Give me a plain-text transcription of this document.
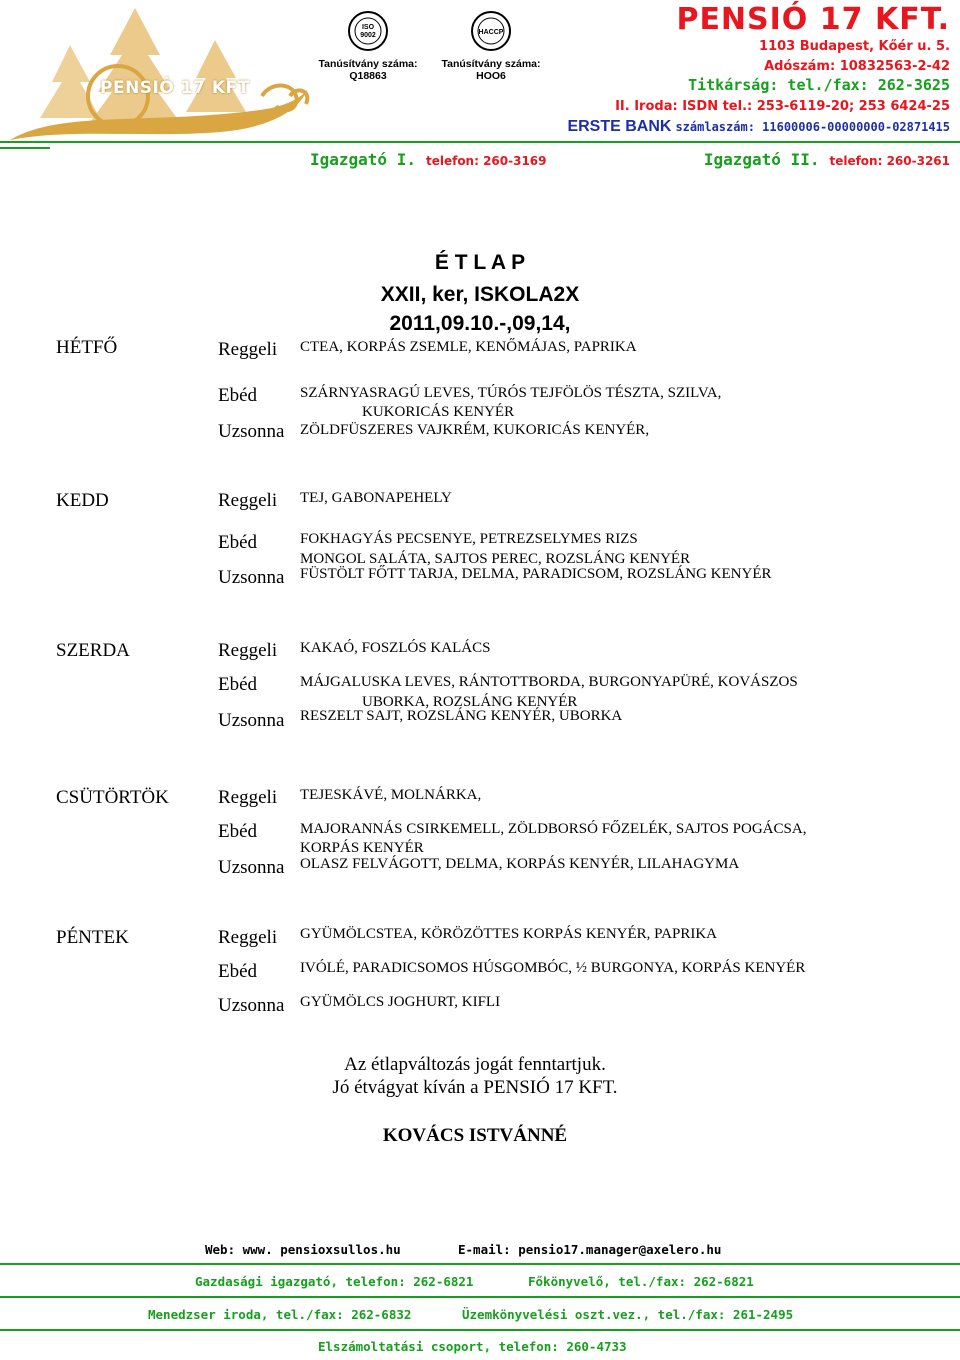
PENSIÓ 17 KFT
ISO
9002
Tanúsítvány száma:
Q18863
HACCP
Tanúsítvány száma:
HOO6
PENSIÓ 17 KFT.
1103 Budapest, Kőér u. 5.
Adószám: 10832563-2-42
Titkárság: tel./fax: 262-3625
II. Iroda: ISDN tel.: 253-6119-20; 253 6424-25
ERSTE BANK számlaszám: 11600006-00000000-02871415
Igazgató I. telefon: 260-3169	Igazgató II. telefon: 260-3261
É T L A P
XXII, ker, ISKOLA2X
2011,09.10.-,09,14,
HÉTFŐ	Reggeli CTEA, KORPÁS ZSEMLE, KENŐMÁJAS, PAPRIKA
Ebéd	SZÁRNYASRAGÚ LEVES, TÚRÓS TEJFÖLÖS TÉSZTA, SZILVA,
KUKORICÁS KENYÉR
Uzsonna ZÖLDFÜSZERES VAJKRÉM, KUKORICÁS KENYÉR,
KEDD	Reggeli TEJ, GABONAPEHELY
Ebéd	FOKHAGYÁS PECSENYE, PETREZSELYMES RIZS
MONGOL SALÁTA, SAJTOS PEREC, ROZSLÁNG KENYÉR
Uzsonna FÜSTÖLT FŐTT TARJA, DELMA, PARADICSOM, ROZSLÁNG KENYÉR
SZERDA	Reggeli KAKAÓ, FOSZLÓS KALÁCS
Ebéd	MÁJGALUSKA LEVES, RÁNTOTTBORDA, BURGONYAPÜRÉ, KOVÁSZOS
UBORKA, ROZSLÁNG KENYÉR
Uzsonna RESZELT SAJT, ROZSLÁNG KENYÉR, UBORKA
CSÜTÖRTÖK	Reggeli TEJESKÁVÉ, MOLNÁRKA,
Ebéd	MAJORANNÁS CSIRKEMELL, ZÖLDBORSÓ FŐZELÉK, SAJTOS POGÁCSA,
KORPÁS KENYÉR
Uzsonna OLASZ FELVÁGOTT, DELMA, KORPÁS KENYÉR, LILAHAGYMA
PÉNTEK	Reggeli GYÜMÖLCSTEA, KÖRÖZÖTTES KORPÁS KENYÉR, PAPRIKA
Ebéd	IVÓLÉ, PARADICSOMOS HÚSGOMBÓC, ½ BURGONYA, KORPÁS KENYÉR
Uzsonna GYÜMÖLCS JOGHURT, KIFLI
Az étlapváltozás jogát fenntartjuk.
Jó étvágyat kíván a PENSIÓ 17 KFT.
KOVÁCS ISTVÁNNÉ
Web: www. pensioxsullos.hu	E-mail: pensio17.manager@axelero.hu
Gazdasági igazgató, telefon: 262-6821	Főkönyvelő, tel./fax: 262-6821
Menedzser iroda, tel./fax: 262-6832	Üzemkönyvelési oszt.vez., tel./fax: 261-2495
Elszámoltatási csoport, telefon: 260-4733
